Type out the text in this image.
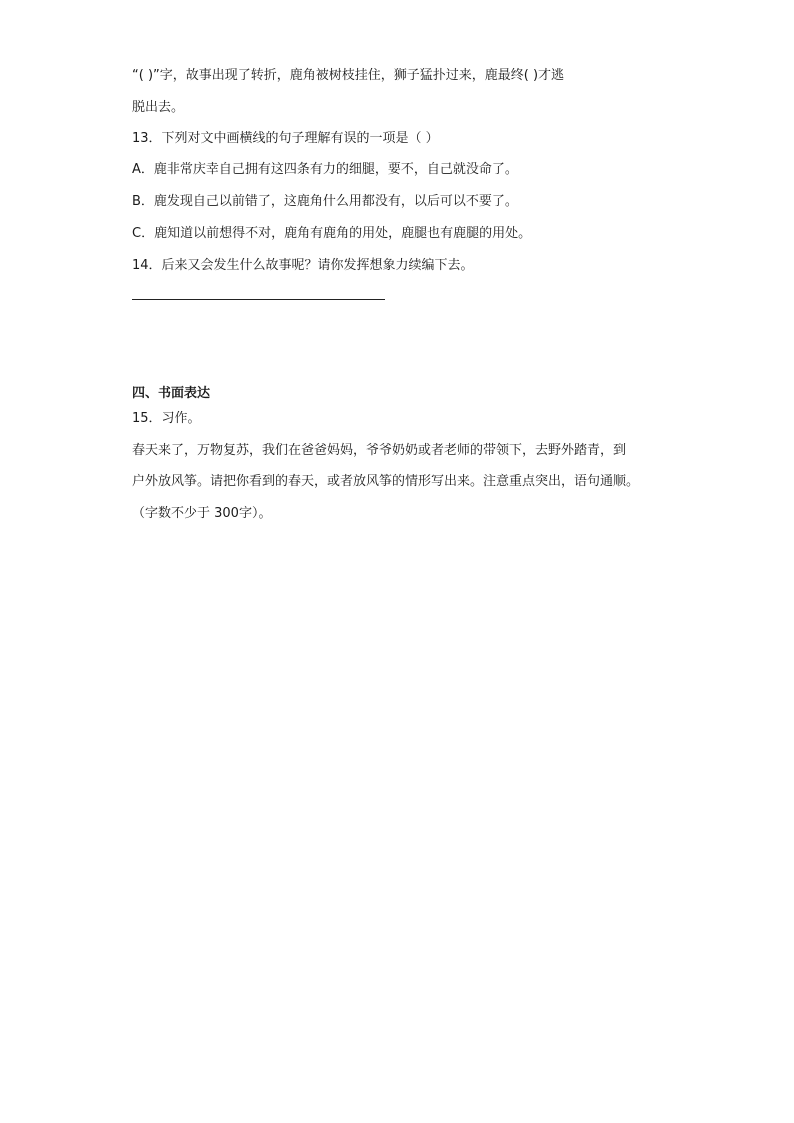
“( )”字，故事出现了转折，鹿角被树枝挂住，狮子猛扑过来，鹿最终( )才逃
脱出去。
13．下列对文中画横线的句子理解有误的一项是（ ）
A．鹿非常庆幸自己拥有这四条有力的细腿，要不，自己就没命了。
B．鹿发现自己以前错了，这鹿角什么用都没有，以后可以不要了。
C．鹿知道以前想得不对，鹿角有鹿角的用处，鹿腿也有鹿腿的用处。
14．后来又会发生什么故事呢？请你发挥想象力续编下去。
四、书面表达
15．习作。
春天来了，万物复苏，我们在爸爸妈妈，爷爷奶奶或者老师的带领下，去野外踏青，到
户外放风筝。请把你看到的春天，或者放风筝的情形写出来。注意重点突出，语句通顺。
（字数不少于 300字）。
